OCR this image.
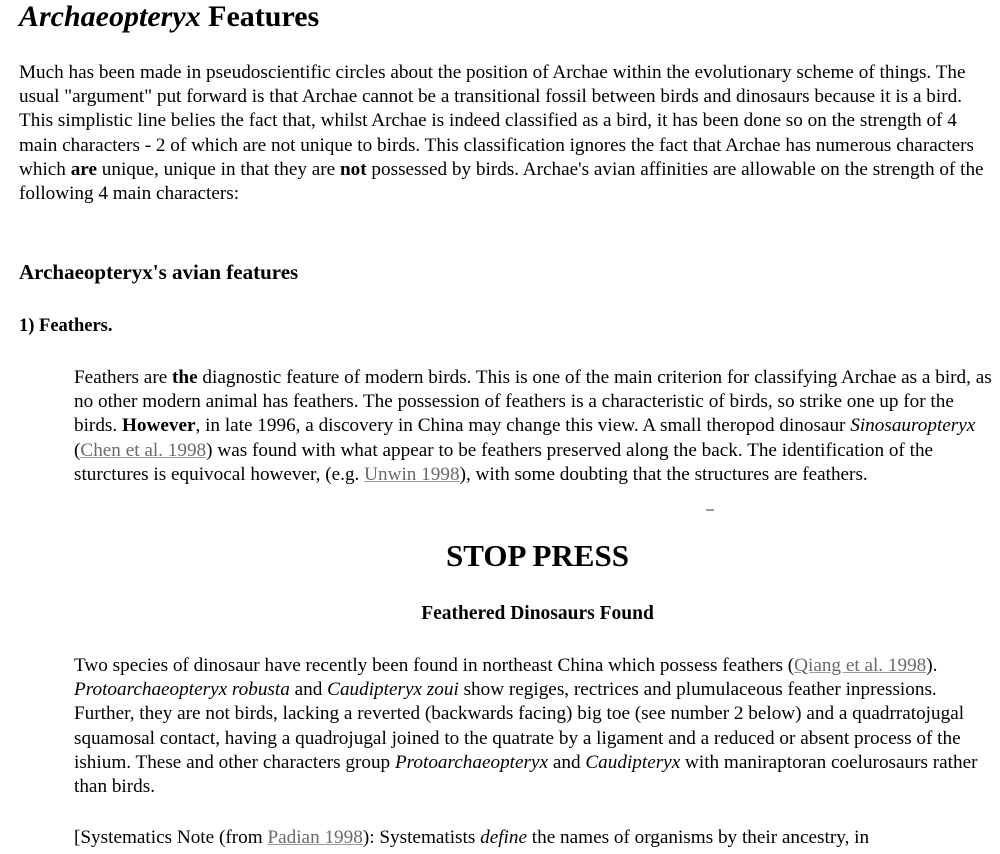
Archaeopteryx Features

Much has been made in pseudoscientific circles about the position of Archae within the evolutionary scheme of things. The usual "argument" put forward is that Archae cannot be a transitional fossil between birds and dinosaurs because it is a bird. This simplistic line belies the fact that, whilst Archae is indeed classified as a bird, it has been done so on the strength of 4 main characters - 2 of which are not unique to birds. This classification ignores the fact that Archae has numerous characters which are unique, unique in that they are not possessed by birds. Archae's avian affinities are allowable on the strength of the following 4 main characters:

Archaeopteryx's avian features
1) Feathers.

Feathers are the diagnostic feature of modern birds. This is one of the main criterion for classifying Archae as a bird, as no other modern animal has feathers. The possession of feathers is a characteristic of birds, so strike one up for the birds. However, in late 1996, a discovery in China may change this view. A small theropod dinosaur Sinosauropteryx (Chen et al. 1998) was found with what appear to be feathers preserved along the back. The identification of the sturctures is equivocal however, (e.g. Unwin 1998), with some doubting that the structures are feathers.

STOP PRESS

Feathered Dinosaurs Found

Two species of dinosaur have recently been found in northeast China which possess feathers (Qiang et al. 1998). Protoarchaeopteryx robusta and Caudipteryx zoui show regiges, rectrices and plumulaceous feather inpressions. Further, they are not birds, lacking a reverted (backwards facing) big toe (see number 2 below) and a quadrratojugal squamosal contact, having a quadrojugal joined to the quatrate by a ligament and a reduced or absent process of the ishium. These and other characters group Protoarchaeopteryx and Caudipteryx with maniraptoran coelurosaurs rather than birds.

[Systematics Note (from Padian 1998): Systematists define the names of organisms by their ancestry, in
